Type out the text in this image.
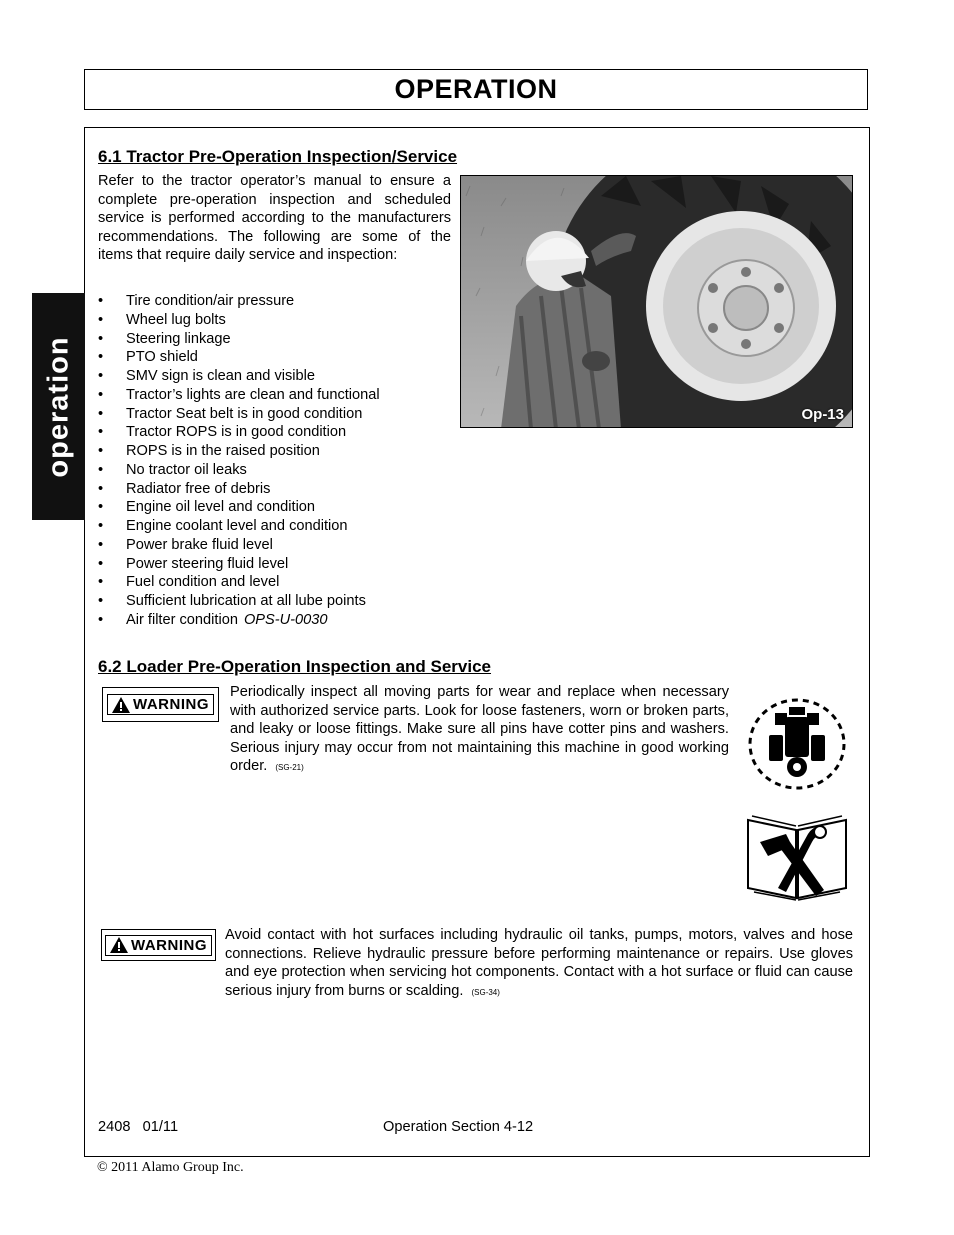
OPERATION
operation
6.1 Tractor Pre-Operation Inspection/Service
Refer to the tractor operator’s manual to ensure a complete pre-operation inspection and scheduled service is performed according to the manufacturers recommendations. The following are some of the items that require daily service and inspection:
• Tire condition/air pressure
• Wheel lug bolts
• Steering linkage
• PTO shield
• SMV sign is clean and visible
• Tractor’s lights are clean and functional
• Tractor Seat belt is in good condition
• Tractor ROPS is in good condition
• ROPS is in the raised position
• No tractor oil leaks
• Radiator free of debris
• Engine oil level and condition
• Engine coolant level and condition
• Power brake fluid level
• Power steering fluid level
• Fuel condition and level
• Sufficient lubrication at all lube points
• Air filter condition OPS-U-0030
Op-13
6.2 Loader Pre-Operation Inspection and Service
WARNING
Periodically inspect all moving parts for wear and replace when necessary with authorized service parts. Look for loose fasteners, worn or broken parts, and leaky or loose fittings. Make sure all pins have cotter pins and washers. Serious injury may occur from not maintaining this machine in good working order. (SG-21)
WARNING
Avoid contact with hot surfaces including hydraulic oil tanks, pumps, motors, valves and hose connections. Relieve hydraulic pressure before performing maintenance or repairs. Use gloves and eye protection when servicing hot components. Contact with a hot surface or fluid can cause serious injury from burns or scalding. (SG-34)
2408   01/11	Operation Section 4-12
© 2011 Alamo Group Inc.
